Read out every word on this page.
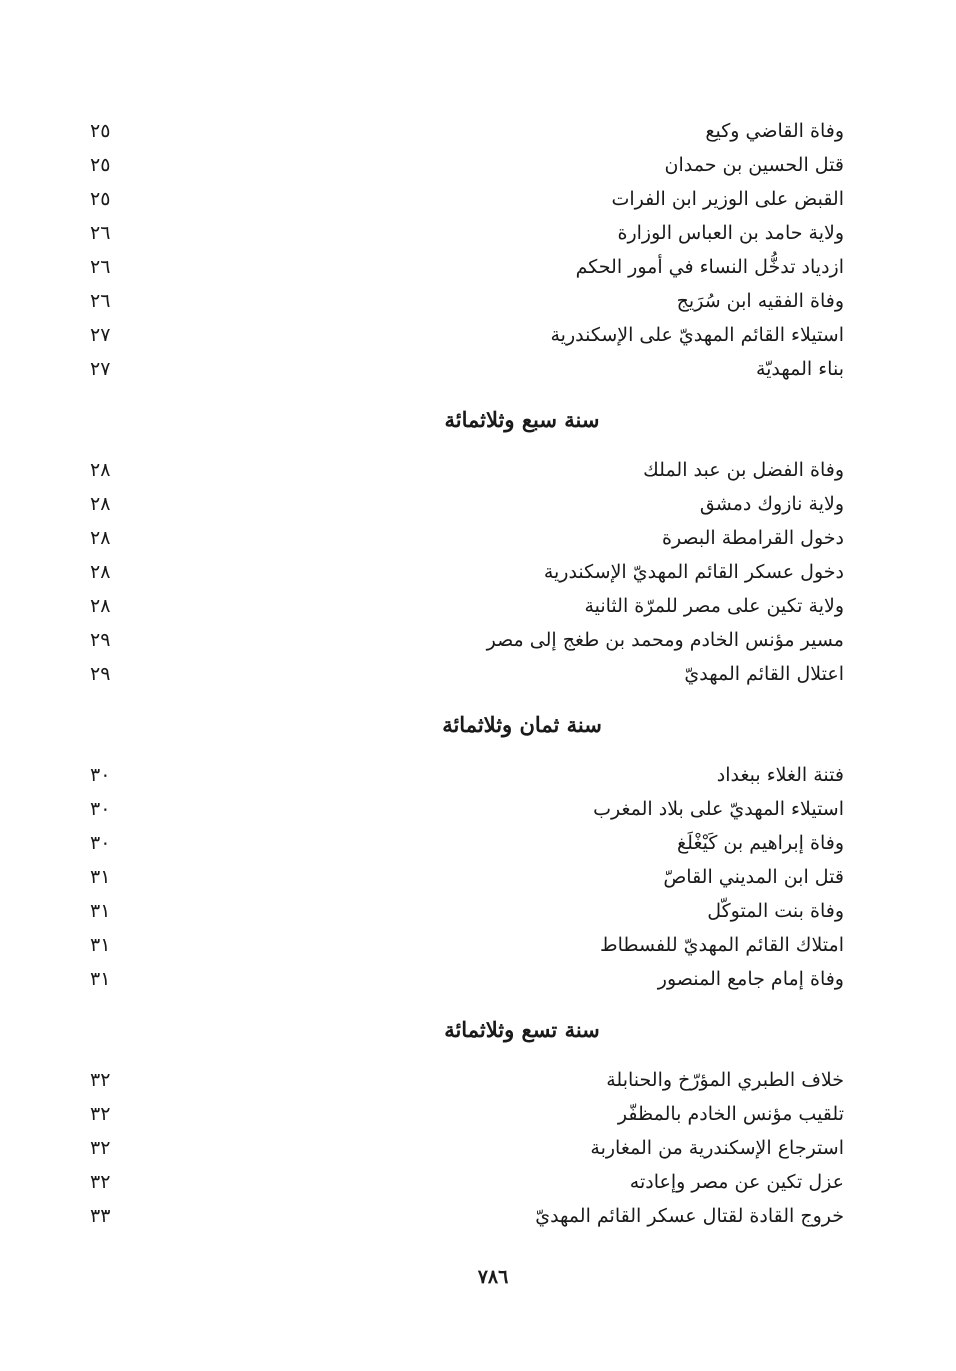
وفاة القاضي وكيع
٢٥
قتل الحسين بن حمدان
٢٥
القبض على الوزير ابن الفرات
٢٥
ولاية حامد بن العباس الوزارة
٢٦
ازدياد تدخُّل النساء في أمور الحكم
٢٦
وفاة الفقيه ابن سُرَيج
٢٦
استيلاء القائم المهديّ على الإسكندرية
٢٧
بناء المهديّة
٢٧
سنة سبع وثلاثمائة
وفاة الفضل بن عبد الملك
٢٨
ولاية نازوك دمشق
٢٨
دخول القرامطة البصرة
٢٨
دخول عسكر القائم المهديّ الإسكندرية
٢٨
ولاية تكين على مصر للمرّة الثانية
٢٨
مسير مؤنس الخادم ومحمد بن طغج إلى مصر
٢٩
اعتلال القائم المهديّ
٢٩
سنة ثمان وثلاثمائة
فتنة الغلاء ببغداد
٣٠
استيلاء المهديّ على بلاد المغرب
٣٠
وفاة إبراهيم بن كَيْغْلَغ
٣٠
قتل ابن المديني القاصّ
٣١
وفاة بنت المتوكّل
٣١
امتلاك القائم المهديّ للفسطاط
٣١
وفاة إمام جامع المنصور
٣١
سنة تسع وثلاثمائة
خلاف الطبري المؤرّخ والحنابلة
٣٢
تلقيب مؤنس الخادم بالمظفّر
٣٢
استرجاع الإسكندرية من المغاربة
٣٢
عزل تكين عن مصر وإعادته
٣٢
خروج القادة لقتال عسكر القائم المهديّ
٣٣
٧٨٦
